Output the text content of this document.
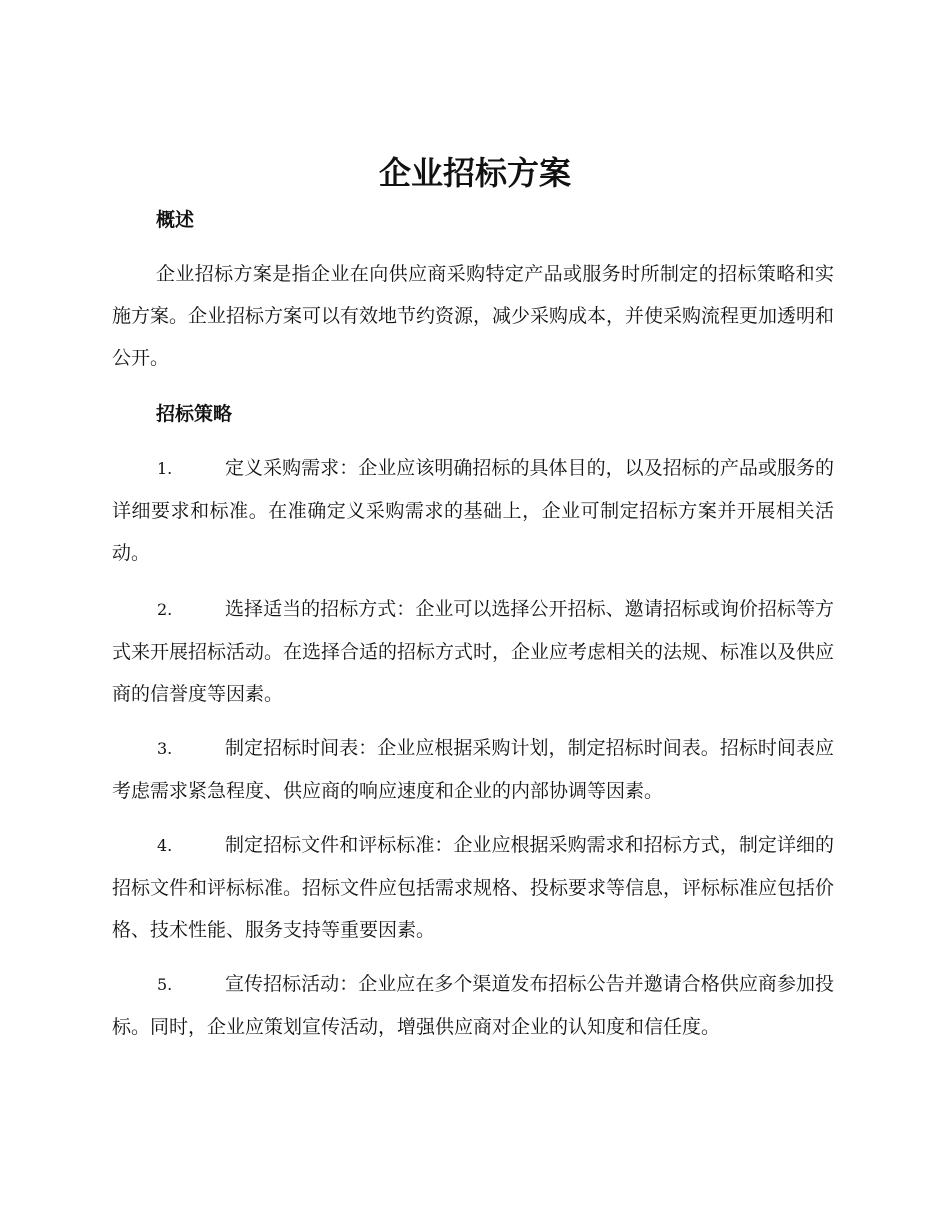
企业招标方案
概述

企业招标方案是指企业在向供应商采购特定产品或服务时所制定的招标策略和实施方案。企业招标方案可以有效地节约资源，减少采购成本，并使采购流程更加透明和公开。

招标策略

1.	定义采购需求：企业应该明确招标的具体目的，以及招标的产品或服务的详细要求和标准。在准确定义采购需求的基础上，企业可制定招标方案并开展相关活动。

2.	选择适当的招标方式：企业可以选择公开招标、邀请招标或询价招标等方式来开展招标活动。在选择合适的招标方式时，企业应考虑相关的法规、标准以及供应商的信誉度等因素。

3.	制定招标时间表：企业应根据采购计划，制定招标时间表。招标时间表应考虑需求紧急程度、供应商的响应速度和企业的内部协调等因素。

4.	制定招标文件和评标标准：企业应根据采购需求和招标方式，制定详细的招标文件和评标标准。招标文件应包括需求规格、投标要求等信息，评标标准应包括价格、技术性能、服务支持等重要因素。

5.	宣传招标活动：企业应在多个渠道发布招标公告并邀请合格供应商参加投标。同时，企业应策划宣传活动，增强供应商对企业的认知度和信任度。
